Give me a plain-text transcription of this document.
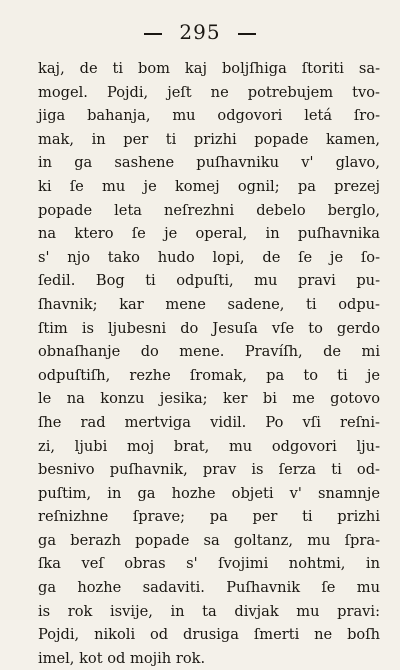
295
kaj, de ti bom kaj boljſhiga ſtoriti sa-
mogel. Pojdi, jeſt ne potrebujem tvo-
jiga bahanja, mu odgovori letá ſro-
mak, in per ti prizhi popade kamen,
in ga sashene puſhavniku v' glavo,
ki ſe mu je komej ognil; pa prezej
popade leta neſrezhni debelo berglo,
na ktero ſe je operal, in puſhavnika
s' njo tako hudo lopi, de ſe je ſo-
ſedil. Bog ti odpuſti, mu pravi pu-
ſhavnik; kar mene sadene, ti odpu-
ſtim is ljubesni do Jesuſa vſe to gerdo
obnaſhanje do mene. Pravíſh, de mi
odpuſtiſh, rezhe ſromak, pa to ti je
le na konzu jesika; ker bi me gotovo
ſhe rad mertviga vidil. Po vſi reſni-
zi, ljubi moj brat, mu odgovori lju-
besnivo puſhavnik, prav is ſerza ti od-
puſtim, in ga hozhe objeti v' snamnje
reſnizhne ſprave; pa per ti prizhi
ga berazh popade sa goltanz, mu ſpra-
ſka veſ obras s' ſvojimi nohtmi, in
ga hozhe sadaviti. Puſhavnik ſe mu
is rok isvije, in ta divjak mu pravi:
Pojdi, nikoli od drusiga ſmerti ne boſh
imel, kot od mojih rok.
